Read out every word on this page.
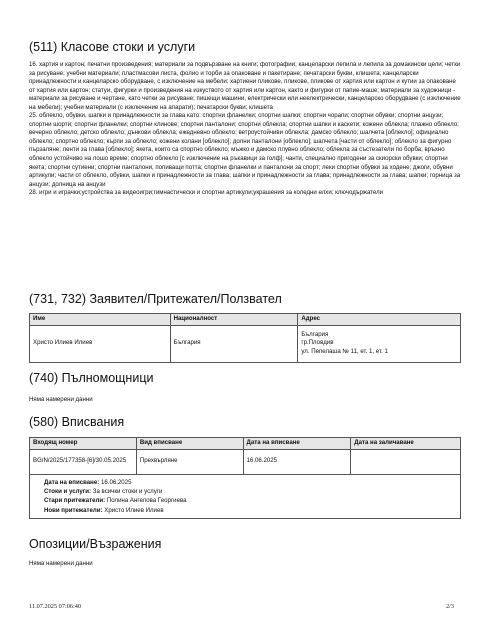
(511) Класове стоки и услуги

16. хартия и картон; печатни произведения; материали за подвързване на книги; фотографии; канцеларски лепила и лепила за домакински цели; четки за рисуване; учебни материали; пластмасови листа, фолио и торби за опаковане и пакетиране; печатарски букви, клишета; канцеларски принадлежности и канцеларско оборудване, с изключение на мебели; хартиени пликове, пликове, пликове от хартия или картон и кутии за опаковане от хартия или картон; статуи, фигурки и произведения на изкуството от хартия или картон, както и фигурки от папие-маше; материали за художници - материали за рисуване и чертане, като четки за рисуване; пишещи машини, електрически или неелектрически, канцеларско оборудване (с изключение на мебели); учебни материали (с изключение на апарати); печатарски букви; клишета

25. облекло, обувки, шапки и принадлежности за глава като: спортни фланелки; спортни шапки; спортни чорапи; спортни обувки; спортни анцузи; спортни шорти; спортни фланелки; спортни клинове; спортни панталони; спортни облекла; спортни шапки и каскети; кожени облекла; плажно облекло; вечерно облекло; детско облекло; дънкови облекла; ежедневно облекло; ветроустойчиви облекла; дамско облекло; шалчета [облекло]; официално облекло; спортно облекло; кърпи за облекло; кожени колани [облекло]; долни панталони [облекло]; шалчета [части от облекло]; облекло за фигурно пързаляне; ленти за глава [облекло]; якета, които са спортно облекло; мъжко и дамско плувно облекло; облекла за състезатели по борба; връхно облекло устойчиво на лошо време; спортно облекло [с изключение на ръкавици за голф]; чанти, специално пригодени за скиорски обувки; спортни якета; спортни сутиени; спортни панталони, попиващи потта; спортни фланелки и панталони за спорт; леки спортни обувки за ходене; джоги, обувни артикули; части от облекло, обувки, шапки и принадлежности за глава; шапки и принадлежности за глава; принадлежности за глава; шапки; горница за анцузи; долница на анцузи

28. игри и играчки;устройства за видеоигри;гимнастически и спортни артикули;украшения за коледни елхи; ключодържатели

(731, 732) Заявител/Притежател/Ползвател
Име	Националност	Адрес
Христо Илиев Илиев	България	България
гр.Пловдив
ул. Пепелаша № 11, ет. 1, ет. 1
(740) Пълномощници
Няма намерени данни
(580) Вписвания
Входящ номер	Вид вписване	Дата на вписване	Дата на заличаване
BG/N/2025/177358-[6]/30.05.2025	Прехвърляне	16.06.2025	

Дата на вписване: 16.06.2025
Стоки и услуги: За всички стоки и услуги
Стари притежатели: Полина Ангелова Георгиева
Нови притежатели: Христо Илиев Илиев			
Опозиции/Възражения
Няма намерени данни
11.07.2025 07:06:40	2/3
